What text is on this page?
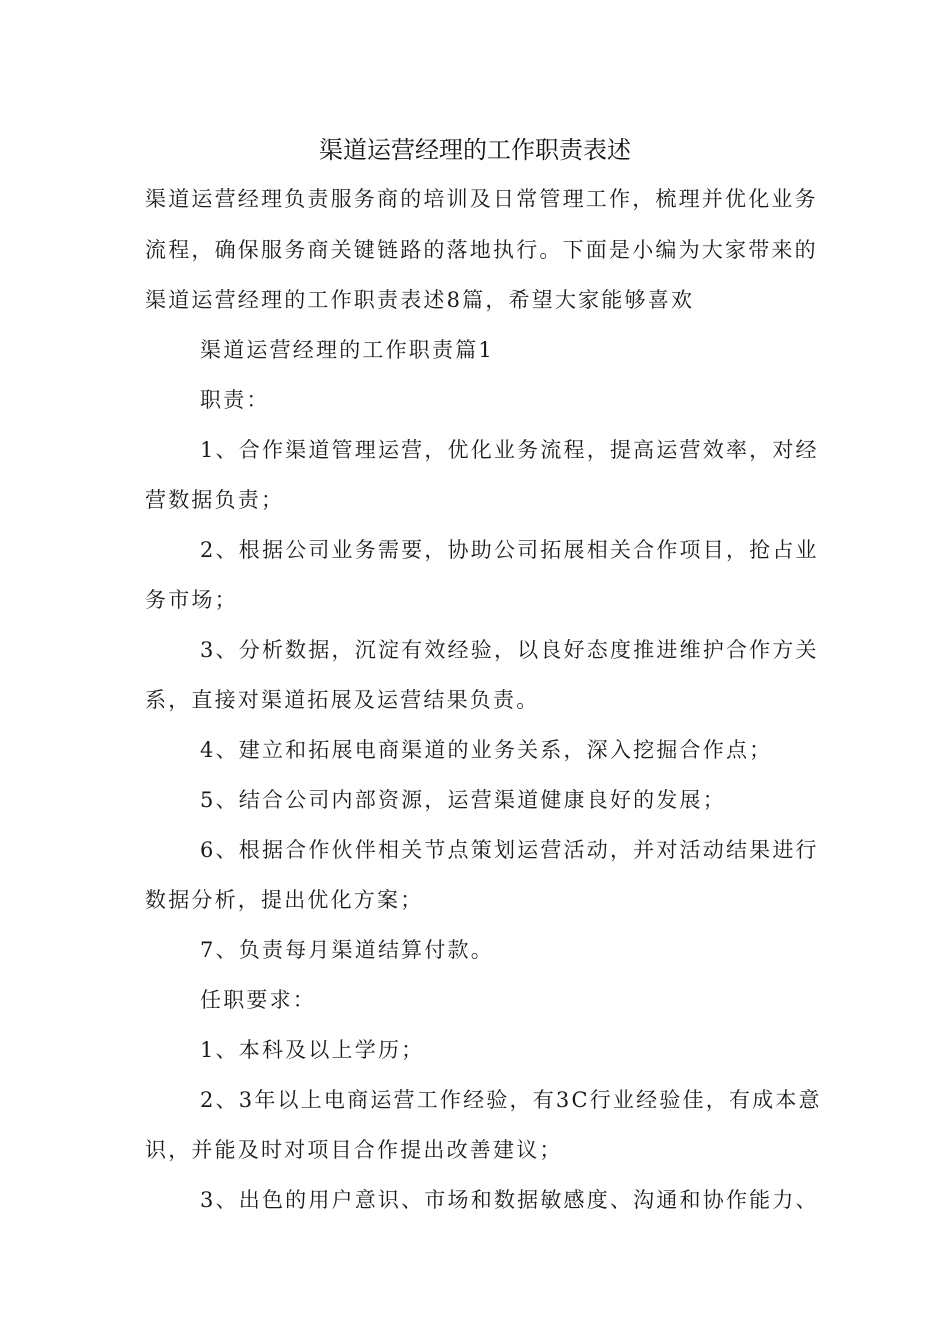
渠道运营经理的工作职责表述
渠道运营经理负责服务商的培训及日常管理工作，梳理并优化业务
流程，确保服务商关键链路的落地执行。下面是小编为大家带来的
渠道运营经理的工作职责表述8篇，希望大家能够喜欢
渠道运营经理的工作职责篇1
职责：
1、合作渠道管理运营，优化业务流程，提高运营效率，对经
营数据负责；
2、根据公司业务需要，协助公司拓展相关合作项目，抢占业
务市场；
3、分析数据，沉淀有效经验，以良好态度推进维护合作方关
系，直接对渠道拓展及运营结果负责。
4、建立和拓展电商渠道的业务关系，深入挖掘合作点；
5、结合公司内部资源，运营渠道健康良好的发展；
6、根据合作伙伴相关节点策划运营活动，并对活动结果进行
数据分析，提出优化方案；
7、负责每月渠道结算付款。
任职要求：
1、本科及以上学历；
2、3年以上电商运营工作经验，有3C行业经验佳，有成本意
识，并能及时对项目合作提出改善建议；
3、出色的用户意识、市场和数据敏感度、沟通和协作能力、
